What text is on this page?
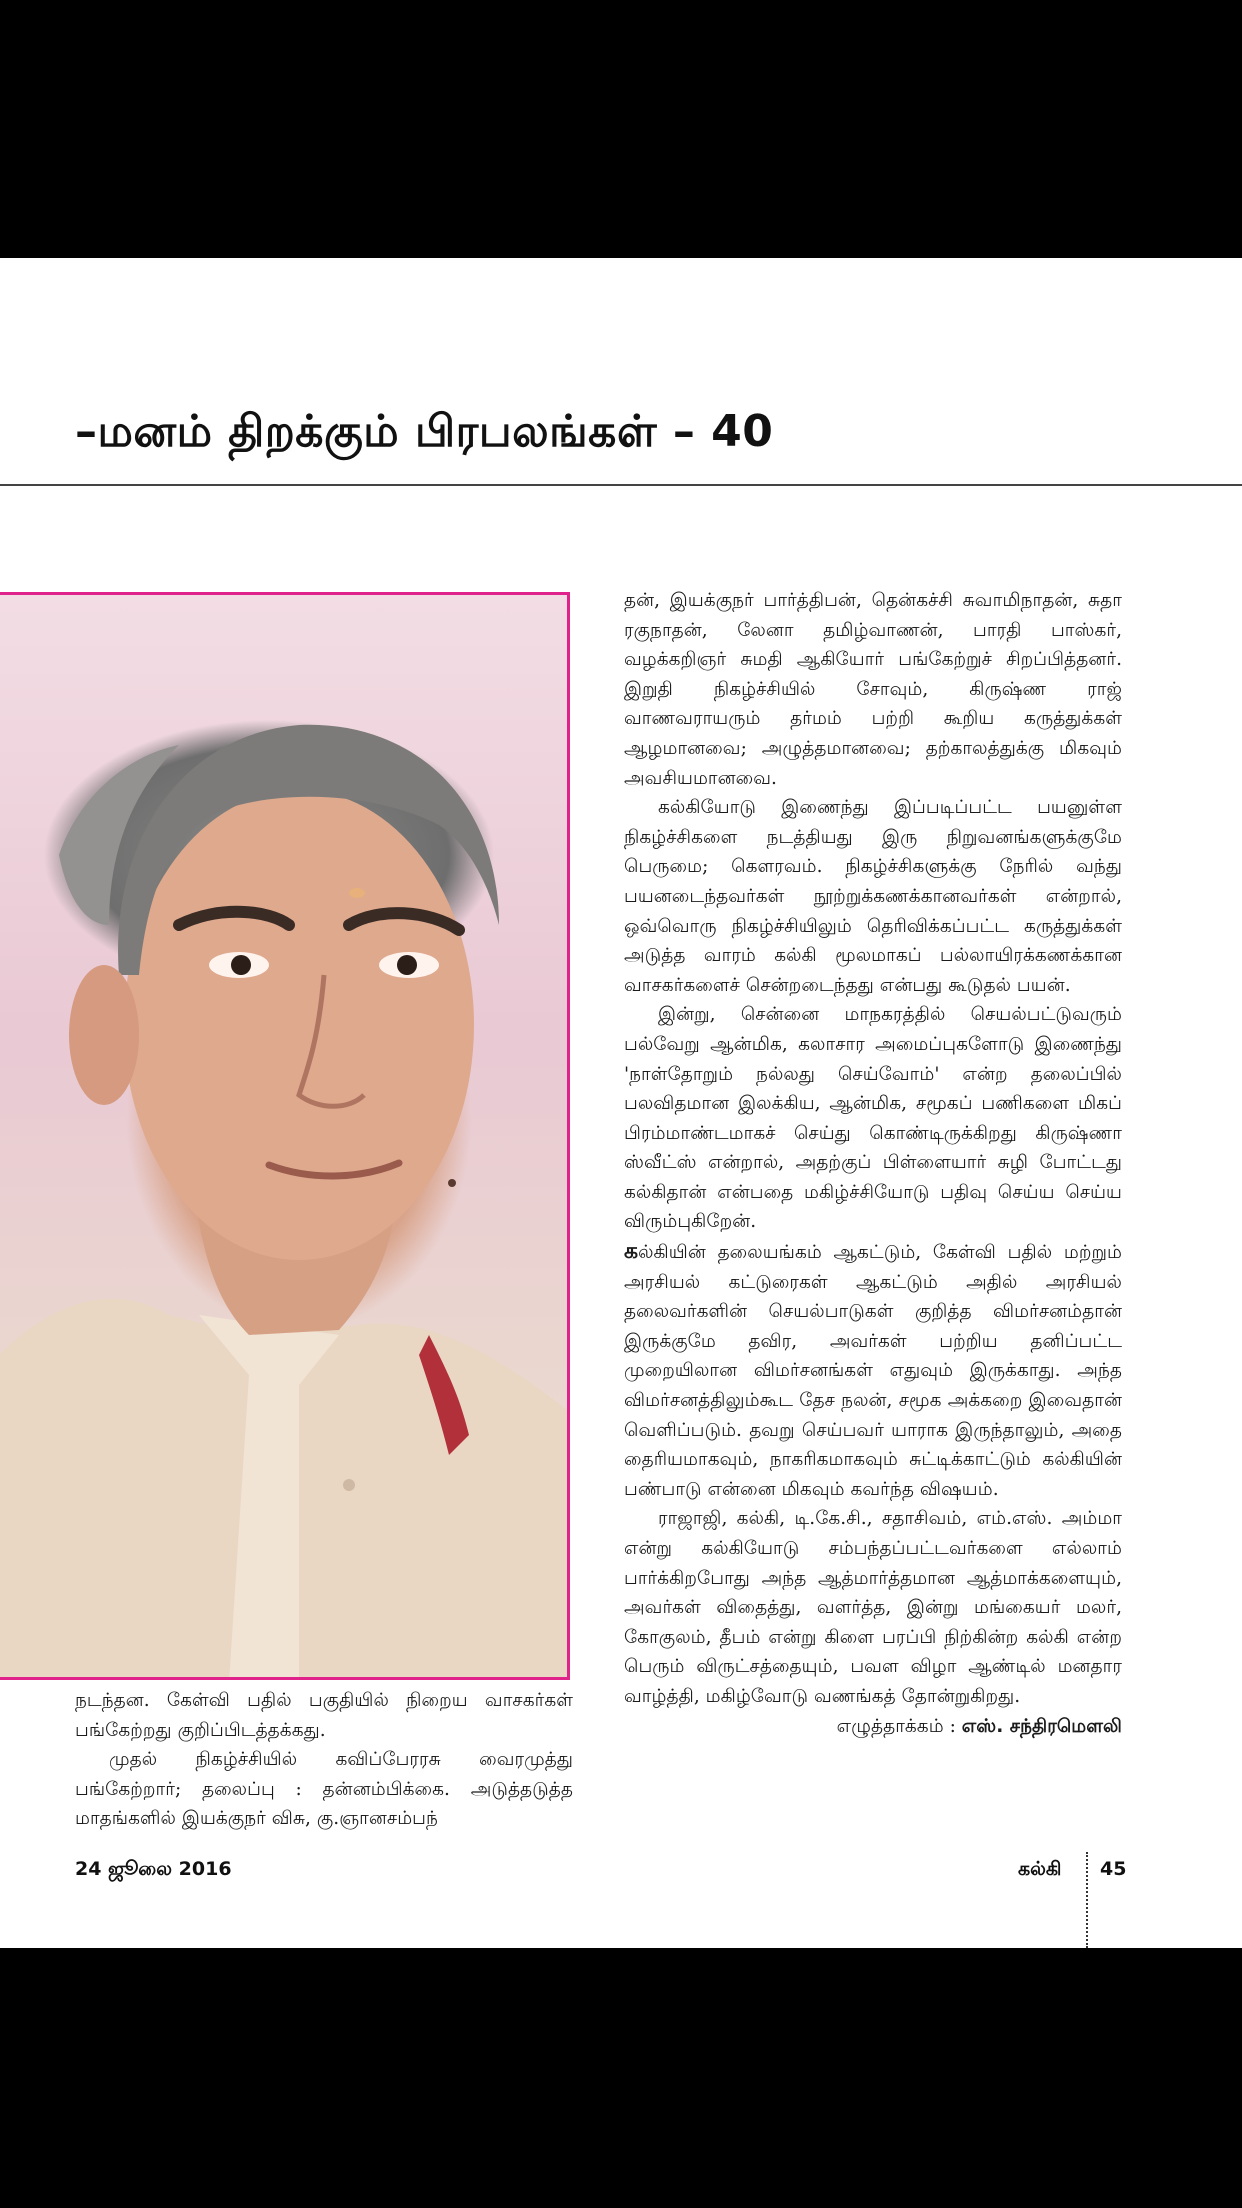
–மனம் திறக்கும் பிரபலங்கள் – 40

தன், இயக்குநர் பார்த்திபன், தென்கச்சி சுவாமிநாதன், சுதா ரகுநாதன், லேனா தமிழ்வாணன், பாரதி பாஸ்கர், வழக்கறிஞர் சுமதி ஆகியோர் பங்கேற்றுச் சிறப்பித்தனர். இறுதி நிகழ்ச்சியில் சோவும், கிருஷ்ண ராஜ் வாணவராயரும் தர்மம் பற்றி கூறிய கருத்துக்கள் ஆழமானவை; அழுத்தமானவை; தற்காலத்துக்கு மிகவும் அவசியமானவை.

கல்கியோடு இணைந்து இப்படிப்பட்ட பயனுள்ள நிகழ்ச்சிகளை நடத்தியது இரு நிறுவனங்களுக்குமே பெருமை; கௌரவம். நிகழ்ச்சிகளுக்கு நேரில் வந்து பயனடைந்தவர்கள் நூற்றுக்கணக்கானவர்கள் என்றால், ஒவ்வொரு நிகழ்ச்சியிலும் தெரிவிக்கப்பட்ட கருத்துக்கள் அடுத்த வாரம் கல்கி மூலமாகப் பல்லாயிரக்கணக்கான வாசகர்களைச் சென்றடைந்தது என்பது கூடுதல் பயன்.

இன்று, சென்னை மாநகரத்தில் செயல்பட்டுவரும் பல்வேறு ஆன்மிக, கலாசார அமைப்புகளோடு இணைந்து 'நாள்தோறும் நல்லது செய்வோம்' என்ற தலைப்பில் பலவிதமான இலக்கிய, ஆன்மிக, சமூகப் பணிகளை மிகப் பிரம்மாண்டமாகச் செய்து கொண்டிருக்கிறது கிருஷ்ணா ஸ்வீட்ஸ் என்றால், அதற்குப் பிள்ளையார் சுழி போட்டது கல்கிதான் என்பதை மகிழ்ச்சியோடு பதிவு செய்ய செய்ய விரும்புகிறேன்.

கல்கியின் தலையங்கம் ஆகட்டும், கேள்வி பதில் மற்றும் அரசியல் கட்டுரைகள் ஆகட்டும் அதில் அரசியல் தலைவர்களின் செயல்பாடுகள் குறித்த விமர்சனம்தான் இருக்குமே தவிர, அவர்கள் பற்றிய தனிப்பட்ட முறையிலான விமர்சனங்கள் எதுவும் இருக்காது. அந்த விமர்சனத்திலும்கூட தேச நலன், சமூக அக்கறை இவைதான் வெளிப்படும். தவறு செய்பவர் யாராக இருந்தாலும், அதை தைரியமாகவும், நாகரிகமாகவும் சுட்டிக்காட்டும் கல்கியின் பண்பாடு என்னை மிகவும் கவர்ந்த விஷயம்.

ராஜாஜி, கல்கி, டி.கே.சி., சதாசிவம், எம்.எஸ். அம்மா என்று கல்கியோடு சம்பந்தப்பட்டவர்களை எல்லாம் பார்க்கிறபோது அந்த ஆத்மார்த்தமான ஆத்மாக்களையும், அவர்கள் விதைத்து, வளர்த்த, இன்று மங்கையர் மலர், கோகுலம், தீபம் என்று கிளை பரப்பி நிற்கின்ற கல்கி என்ற பெரும் விருட்சத்தையும், பவள விழா ஆண்டில் மனதார வாழ்த்தி, மகிழ்வோடு வணங்கத் தோன்றுகிறது.

எழுத்தாக்கம் : எஸ். சந்திரமௌலி

நடந்தன. கேள்வி பதில் பகுதியில் நிறைய வாசகர்கள் பங்கேற்றது குறிப்பிடத்தக்கது.

முதல் நிகழ்ச்சியில் கவிப்பேரரசு வைரமுத்து பங்கேற்றார்; தலைப்பு : தன்னம்பிக்கை. அடுத்தடுத்த மாதங்களில் இயக்குநர் விசு, கு.ஞானசம்பந்

24 ஜூலை 2016	கல்கி 45
